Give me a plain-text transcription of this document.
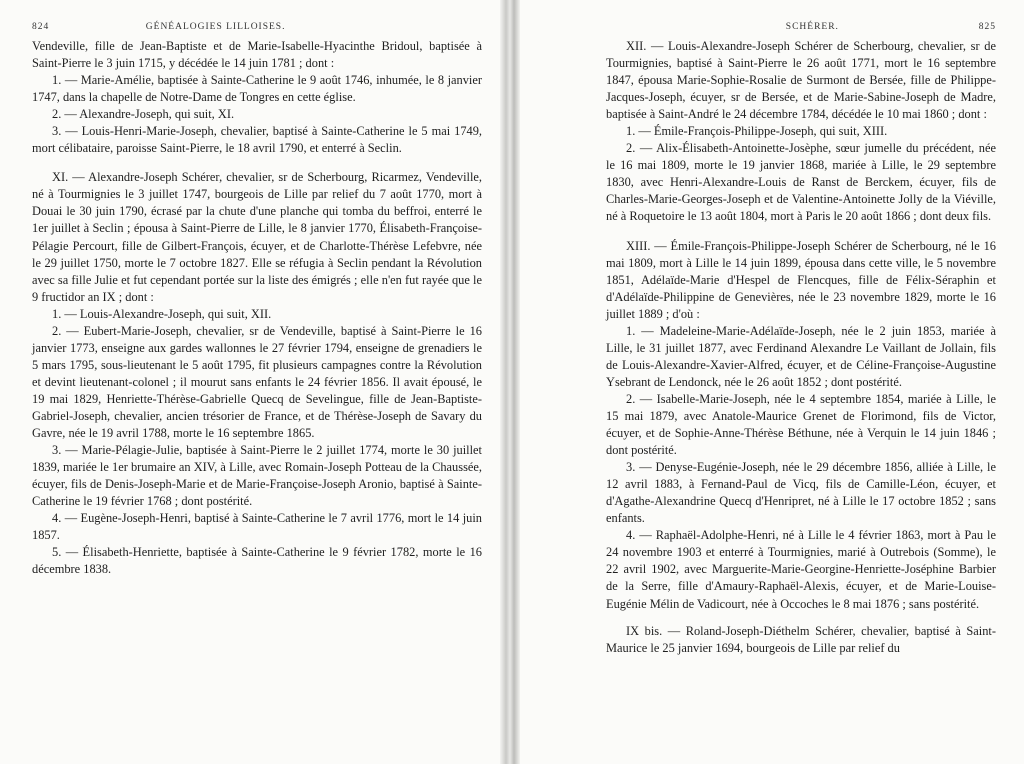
824	GÉNÉALOGIES LILLOISES.

Vendeville, fille de Jean-Baptiste et de Marie-Isabelle-Hyacinthe Bridoul, baptisée à Saint-Pierre le 3 juin 1715, y décédée le 14 juin 1781 ; dont :

1. — Marie-Amélie, baptisée à Sainte-Catherine le 9 août 1746, inhumée, le 8 janvier 1747, dans la chapelle de Notre-Dame de Tongres en cette église.

2. — Alexandre-Joseph, qui suit, XI.

3. — Louis-Henri-Marie-Joseph, chevalier, baptisé à Sainte-Catherine le 5 mai 1749, mort célibataire, paroisse Saint-Pierre, le 18 avril 1790, et enterré à Seclin.

XI. — Alexandre-Joseph Schérer, chevalier, sr de Scherbourg, Ricarmez, Vendeville, né à Tourmignies le 3 juillet 1747, bourgeois de Lille par relief du 7 août 1770, mort à Douai le 30 juin 1790, écrasé par la chute d'une planche qui tomba du beffroi, enterré le 1er juillet à Seclin ; épousa à Saint-Pierre de Lille, le 8 janvier 1770, Élisabeth-Françoise-Pélagie Percourt, fille de Gilbert-François, écuyer, et de Charlotte-Thérèse Lefebvre, née le 29 juillet 1750, morte le 7 octobre 1827. Elle se réfugia à Seclin pendant la Révolution avec sa fille Julie et fut cependant portée sur la liste des émigrés ; elle n'en fut rayée que le 9 fructidor an IX ; dont :

1. — Louis-Alexandre-Joseph, qui suit, XII.

2. — Eubert-Marie-Joseph, chevalier, sr de Vendeville, baptisé à Saint-Pierre le 16 janvier 1773, enseigne aux gardes wallonnes le 27 février 1794, enseigne de grenadiers le 5 mars 1795, sous-lieutenant le 5 août 1795, fit plusieurs campagnes contre la Révolution et devint lieutenant-colonel ; il mourut sans enfants le 24 février 1856. Il avait épousé, le 19 mai 1829, Henriette-Thérèse-Gabrielle Quecq de Sevelingue, fille de Jean-Baptiste-Gabriel-Joseph, chevalier, ancien trésorier de France, et de Thérèse-Joseph de Savary du Gavre, née le 19 avril 1788, morte le 16 septembre 1865.

3. — Marie-Pélagie-Julie, baptisée à Saint-Pierre le 2 juillet 1774, morte le 30 juillet 1839, mariée le 1er brumaire an XIV, à Lille, avec Romain-Joseph Potteau de la Chaussée, écuyer, fils de Denis-Joseph-Marie et de Marie-Françoise-Joseph Aronio, baptisé à Sainte-Catherine le 19 février 1768 ; dont postérité.

4. — Eugène-Joseph-Henri, baptisé à Sainte-Catherine le 7 avril 1776, mort le 14 juin 1857.

5. — Élisabeth-Henriette, baptisée à Sainte-Catherine le 9 février 1782, morte le 16 décembre 1838.

SCHÉRER.	825

XII. — Louis-Alexandre-Joseph Schérer de Scherbourg, chevalier, sr de Tourmignies, baptisé à Saint-Pierre le 26 août 1771, mort le 16 septembre 1847, épousa Marie-Sophie-Rosalie de Surmont de Bersée, fille de Philippe-Jacques-Joseph, écuyer, sr de Bersée, et de Marie-Sabine-Joseph de Madre, baptisée à Saint-André le 24 décembre 1784, décédée le 10 mai 1860 ; dont :

1. — Émile-François-Philippe-Joseph, qui suit, XIII.

2. — Alix-Élisabeth-Antoinette-Josèphe, sœur jumelle du précédent, née le 16 mai 1809, morte le 19 janvier 1868, mariée à Lille, le 29 septembre 1830, avec Henri-Alexandre-Louis de Ranst de Berckem, écuyer, fils de Charles-Marie-Georges-Joseph et de Valentine-Antoinette Jolly de la Viéville, né à Roquetoire le 13 août 1804, mort à Paris le 20 août 1866 ; dont deux fils.

XIII. — Émile-François-Philippe-Joseph Schérer de Scherbourg, né le 16 mai 1809, mort à Lille le 14 juin 1899, épousa dans cette ville, le 5 novembre 1851, Adélaïde-Marie d'Hespel de Flencques, fille de Félix-Séraphin et d'Adélaïde-Philippine de Genevières, née le 23 novembre 1829, morte le 16 juillet 1889 ; d'où :

1. — Madeleine-Marie-Adélaïde-Joseph, née le 2 juin 1853, mariée à Lille, le 31 juillet 1877, avec Ferdinand Alexandre Le Vaillant de Jollain, fils de Louis-Alexandre-Xavier-Alfred, écuyer, et de Céline-Françoise-Augustine Ysebrant de Lendonck, née le 26 août 1852 ; dont postérité.

2. — Isabelle-Marie-Joseph, née le 4 septembre 1854, mariée à Lille, le 15 mai 1879, avec Anatole-Maurice Grenet de Florimond, fils de Victor, écuyer, et de Sophie-Anne-Thérèse Béthune, née à Verquin le 14 juin 1846 ; dont postérité.

3. — Denyse-Eugénie-Joseph, née le 29 décembre 1856, alliée à Lille, le 12 avril 1883, à Fernand-Paul de Vicq, fils de Camille-Léon, écuyer, et d'Agathe-Alexandrine Quecq d'Henripret, né à Lille le 17 octobre 1852 ; sans enfants.

4. — Raphaël-Adolphe-Henri, né à Lille le 4 février 1863, mort à Pau le 24 novembre 1903 et enterré à Tourmignies, marié à Outrebois (Somme), le 22 avril 1902, avec Marguerite-Marie-Georgine-Henriette-Joséphine Barbier de la Serre, fille d'Amaury-Raphaël-Alexis, écuyer, et de Marie-Louise-Eugénie Mélin de Vadicourt, née à Occoches le 8 mai 1876 ; sans postérité.

IX bis. — Roland-Joseph-Diéthelm Schérer, chevalier, baptisé à Saint-Maurice le 25 janvier 1694, bourgeois de Lille par relief du
